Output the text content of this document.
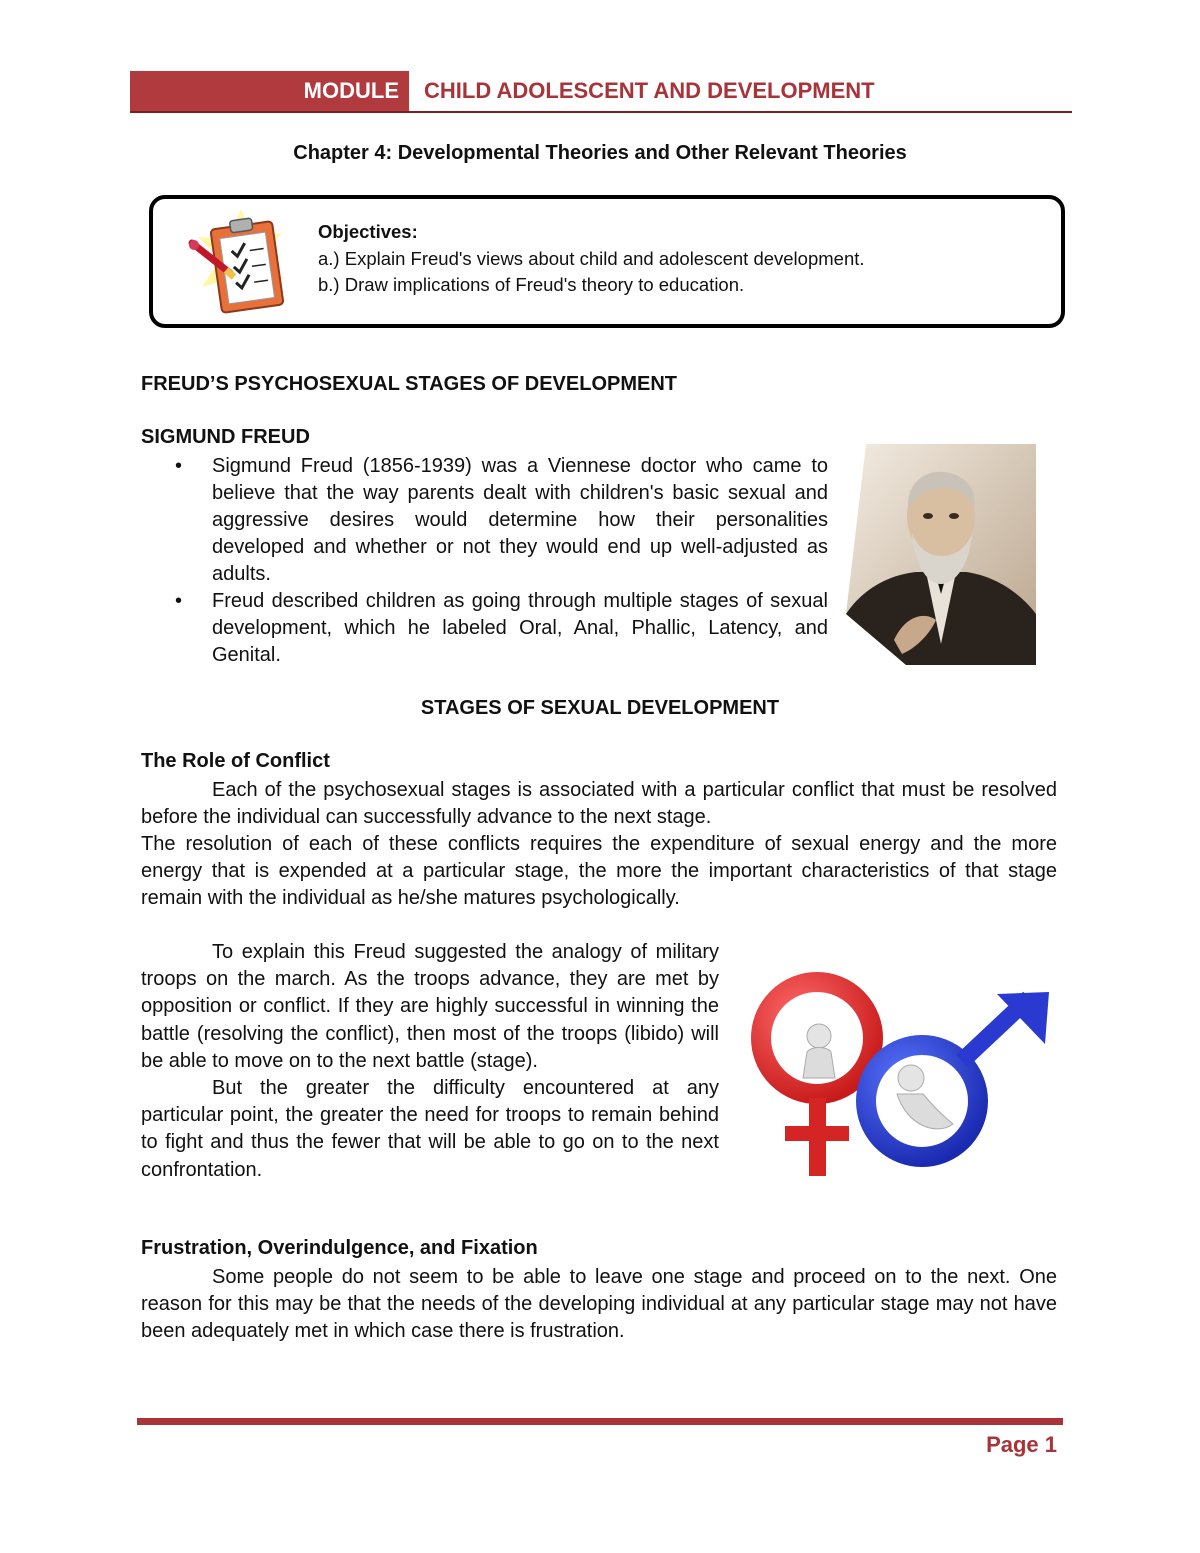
MODULE	CHILD ADOLESCENT AND DEVELOPMENT
Chapter 4: Developmental Theories and Other Relevant Theories
Objectives:
a.) Explain Freud's views about child and adolescent development.
b.) Draw implications of Freud's theory to education.
FREUD’S PSYCHOSEXUAL STAGES OF DEVELOPMENT
SIGMUND FREUD
• Sigmund Freud (1856-1939) was a Viennese doctor who came to believe that the way parents dealt with children's basic sexual and aggressive desires would determine how their personalities developed and whether or not they would end up well-adjusted as adults.
• Freud described children as going through multiple stages of sexual development, which he labeled Oral, Anal, Phallic, Latency, and Genital.
STAGES OF SEXUAL DEVELOPMENT
The Role of Conflict

Each of the psychosexual stages is associated with a particular conflict that must be resolved before the individual can successfully advance to the next stage.

The resolution of each of these conflicts requires the expenditure of sexual energy and the more energy that is expended at a particular stage, the more the important characteristics of that stage remain with the individual as he/she matures psychologically.

To explain this Freud suggested the analogy of military troops on the march. As the troops advance, they are met by opposition or conflict. If they are highly successful in winning the battle (resolving the conflict), then most of the troops (libido) will be able to move on to the next battle (stage).

But the greater the difficulty encountered at any particular point, the greater the need for troops to remain behind to fight and thus the fewer that will be able to go on to the next confrontation.

Frustration, Overindulgence, and Fixation

Some people do not seem to be able to leave one stage and proceed on to the next. One reason for this may be that the needs of the developing individual at any particular stage may not have been adequately met in which case there is frustration.

Page 1
